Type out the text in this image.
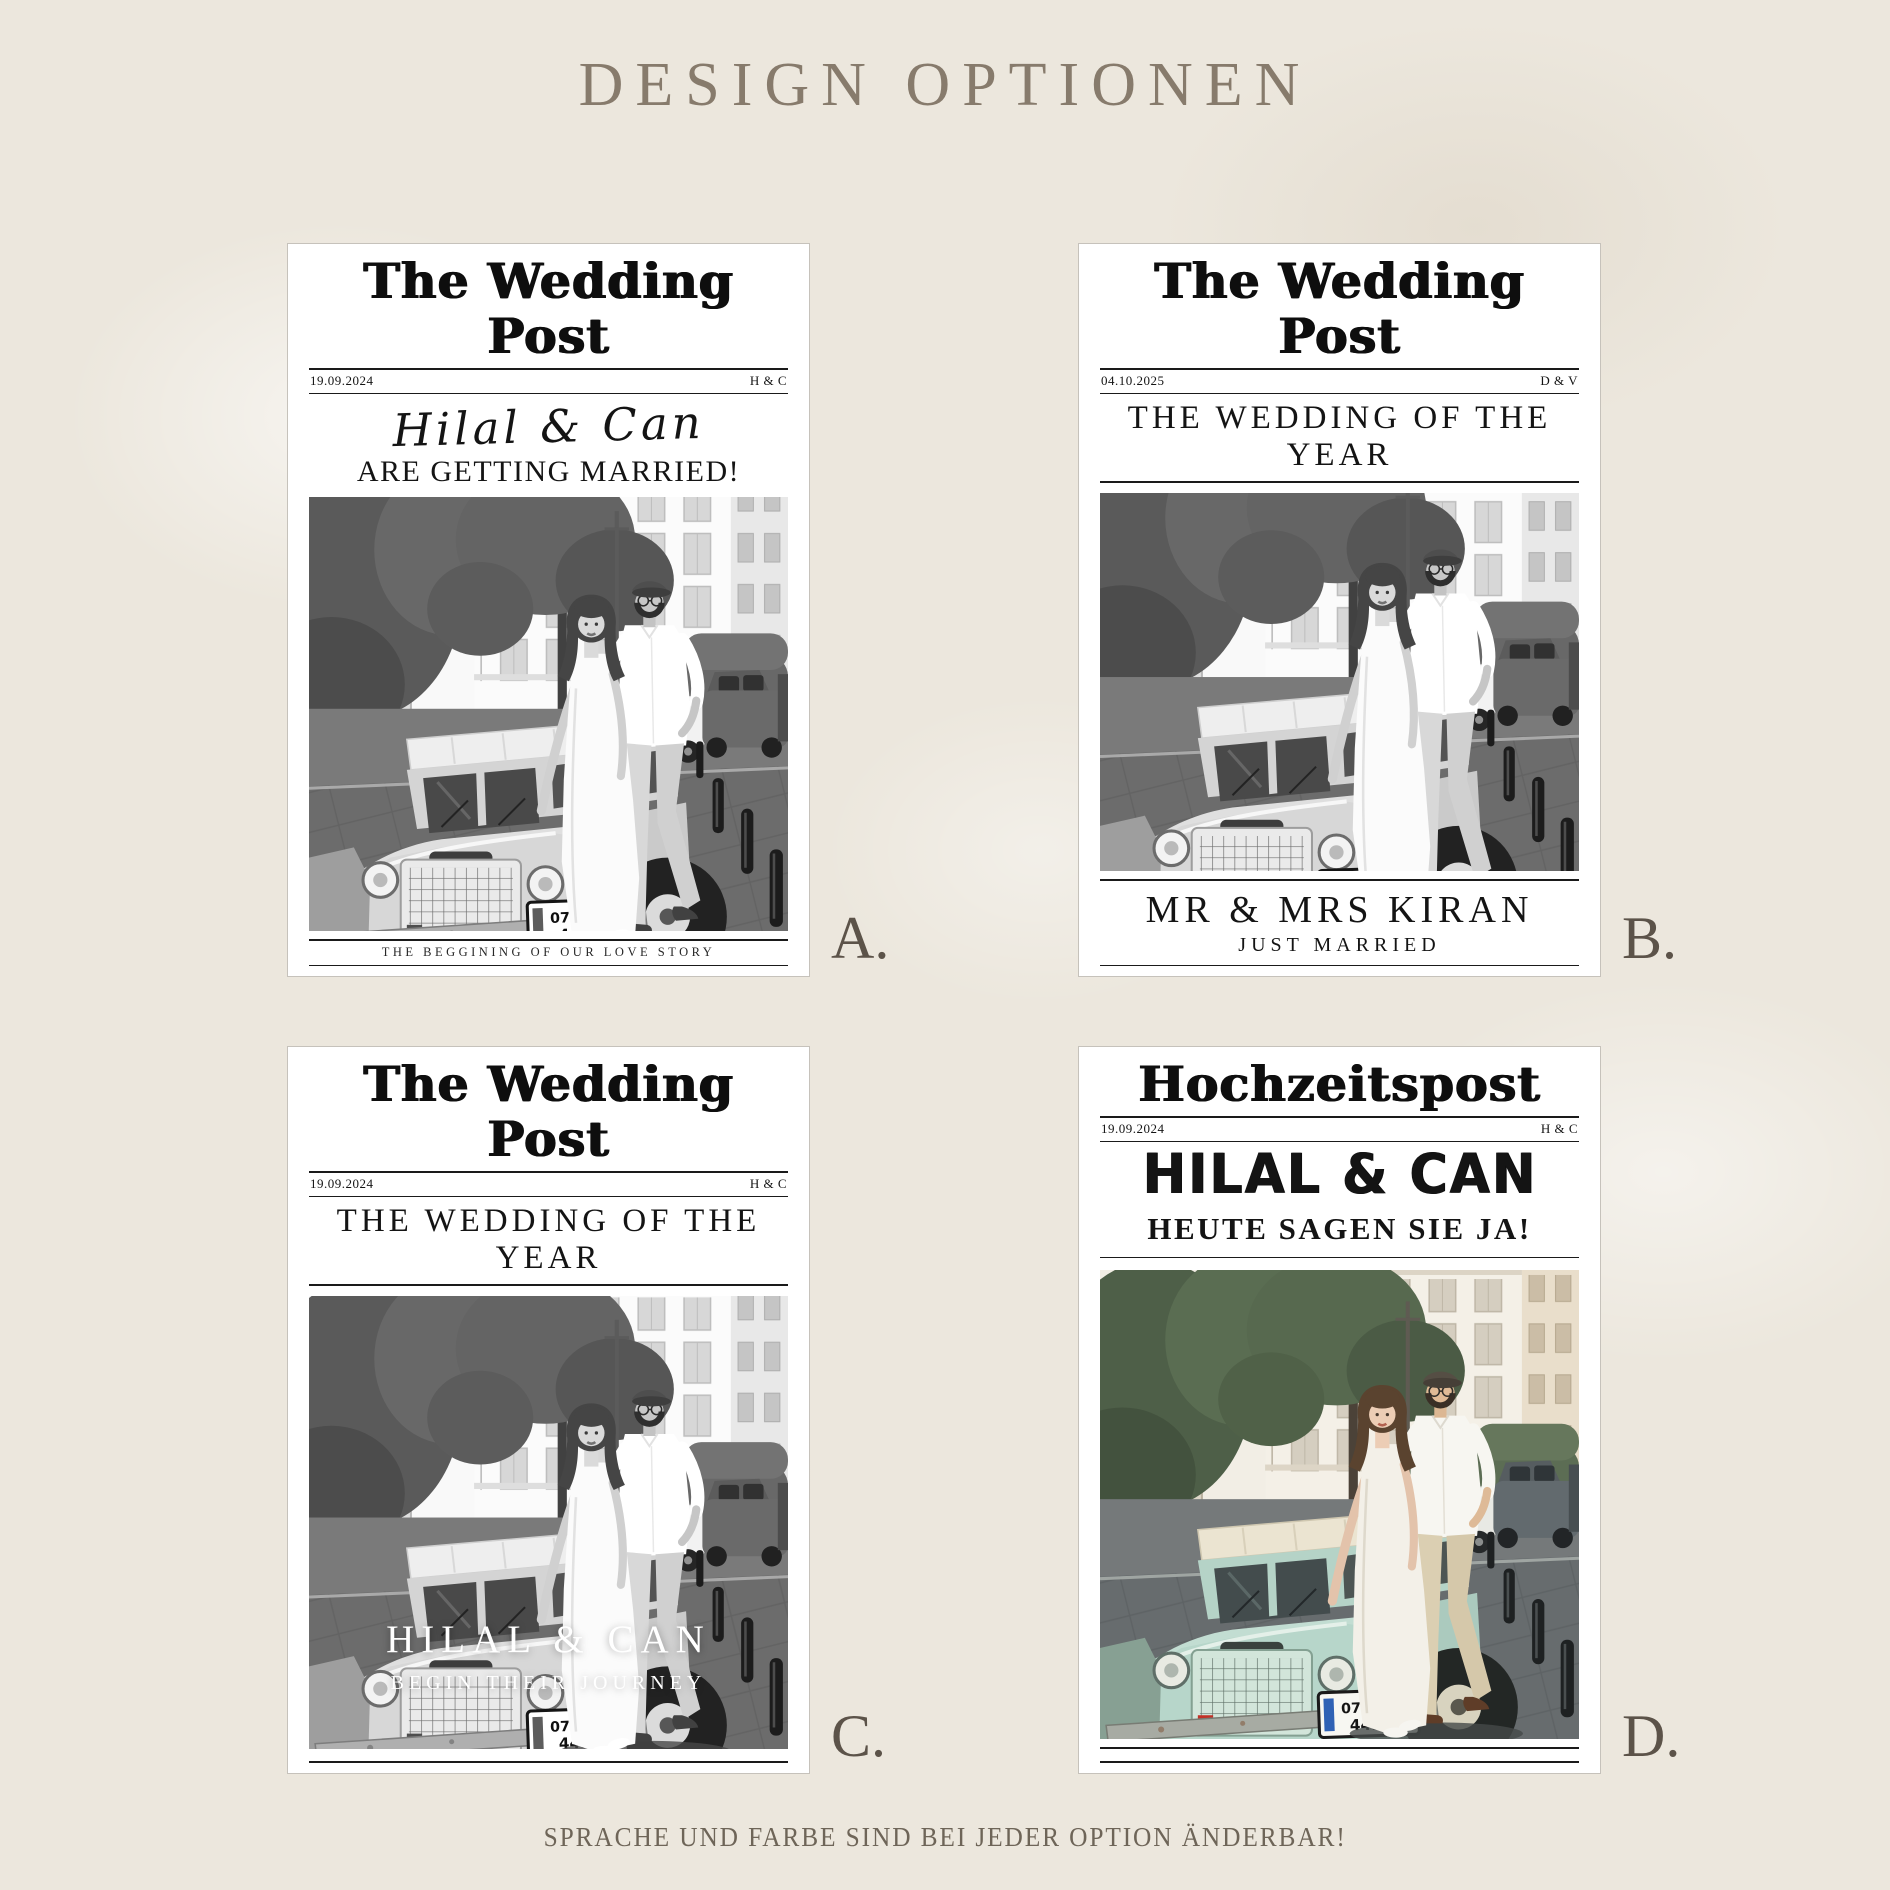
DESIGN OPTIONEN
The Wedding Post
19.09.2024	H & C
Hilal & Can
ARE GETTING MARRIED!
THE BEGGINING OF OUR LOVE STORY	A.
The Wedding Post
04.10.2025	D & V
THE WEDDING OF THE YEAR
MR & MRS KIRAN
JUST MARRIED	B.
The Wedding Post
19.09.2024	H & C
THE WEDDING OF THE YEAR
HILAL & CAN
BEGIN THEIR JOURNEY
C.
Hochzeitspost
19.09.2024	H & C
HILAL & CAN
HEUTE SAGEN SIE JA!
D.
SPRACHE UND FARBE SIND BEI JEDER OPTION ÄNDERBAR!
